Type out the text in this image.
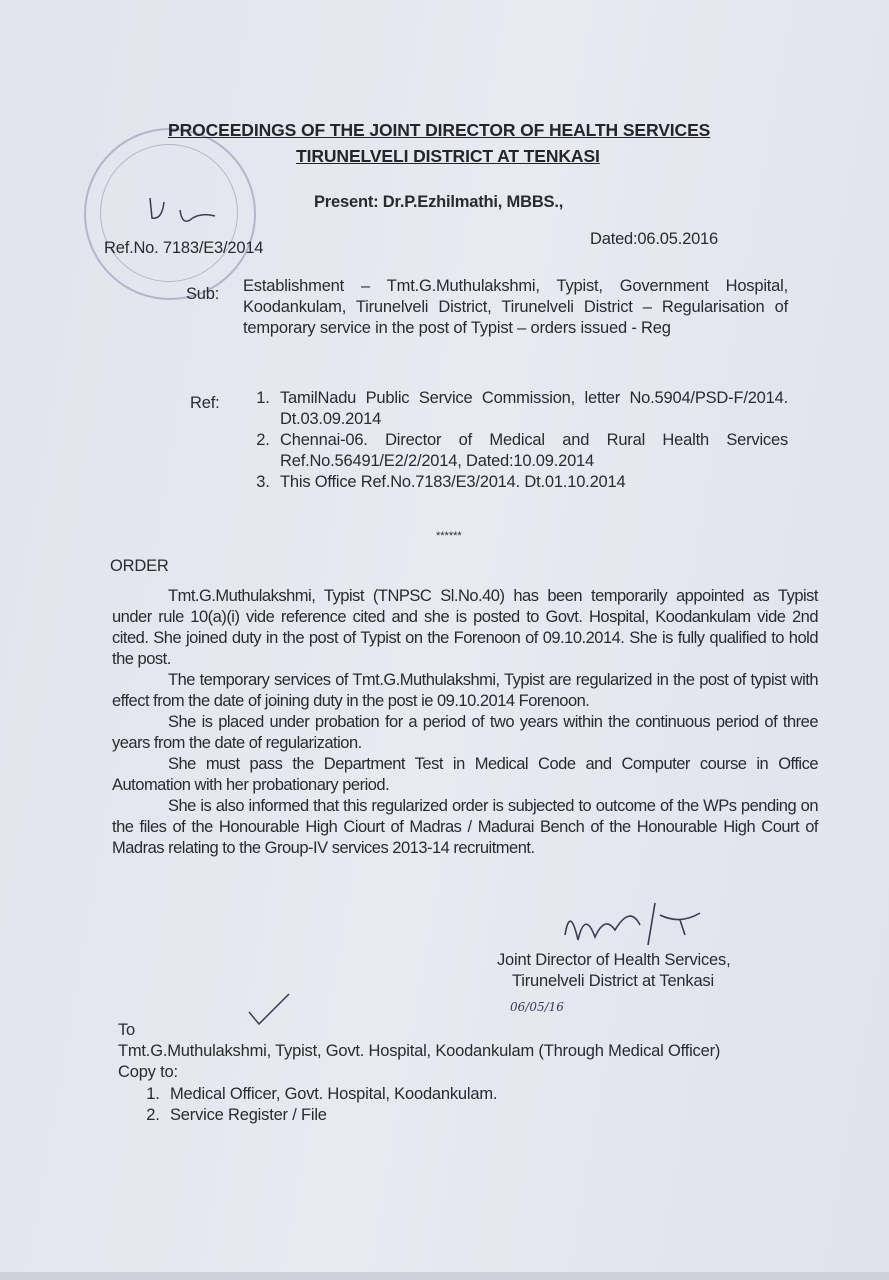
PROCEEDINGS OF THE JOINT DIRECTOR OF HEALTH SERVICES
TIRUNELVELI DISTRICT AT TENKASI
Present: Dr.P.Ezhilmathi, MBBS.,
Ref.No. 7183/E3/2014	Dated:06.05.2016
Sub: Establishment – Tmt.G.Muthulakshmi, Typist, Government Hospital, Koodankulam, Tirunelveli District, Tirunelveli District – Regularisation of temporary service in the post of Typist – orders issued - Reg
Ref:	1. TamilNadu Public Service Commission, letter No.5904/PSD-F/2014. Dt.03.09.2014
2. Chennai-06. Director of Medical and Rural Health Services Ref.No.56491/E2/2/2014, Dated:10.09.2014
3. This Office Ref.No.7183/E3/2014. Dt.01.10.2014
******
ORDER
Tmt.G.Muthulakshmi, Typist (TNPSC Sl.No.40) has been temporarily appointed as Typist under rule 10(a)(i) vide reference cited and she is posted to Govt. Hospital, Koodankulam vide 2nd cited. She joined duty in the post of Typist on the Forenoon of 09.10.2014. She is fully qualified to hold the post.
The temporary services of Tmt.G.Muthulakshmi, Typist are regularized in the post of typist with effect from the date of joining duty in the post ie 09.10.2014 Forenoon.
She is placed under probation for a period of two years within the continuous period of three years from the date of regularization.
She must pass the Department Test in Medical Code and Computer course in Office Automation with her probationary period.
She is also informed that this regularized order is subjected to outcome of the WPs pending on the files of the Honourable High Ciourt of Madras / Madurai Bench of the Honourable High Court of Madras relating to the Group-IV services 2013-14 recruitment.
Joint Director of Health Services,
Tirunelveli District at Tenkasi
06/05/16
To
Tmt.G.Muthulakshmi, Typist, Govt. Hospital, Koodankulam (Through Medical Officer)
Copy to:
1. Medical Officer, Govt. Hospital, Koodankulam.
2. Service Register / File
